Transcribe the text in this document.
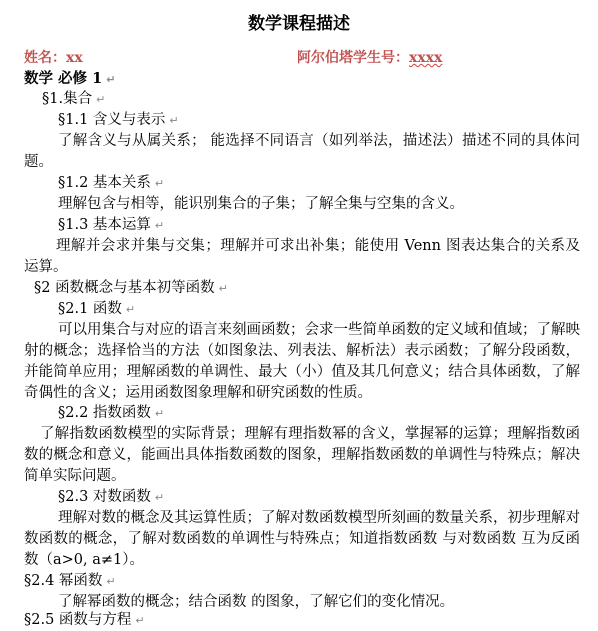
数学课程描述
姓名：xx	阿尔伯塔学生号：xxxx
数学 必修 1 ↵
§1.集合 ↵
§1.1 含义与表示 ↵
了解含义与从属关系； 能选择不同语言（如列举法，描述法）描述不同的具体问题。
§1.2 基本关系 ↵
理解包含与相等，能识别集合的子集；了解全集与空集的含义。
§1.3 基本运算 ↵
理解并会求并集与交集；理解并可求出补集；能使用 Venn 图表达集合的关系及运算。
§2 函数概念与基本初等函数 ↵
§2.1 函数 ↵
可以用集合与对应的语言来刻画函数；会求一些简单函数的定义域和值域；了解映射的概念；选择恰当的方法（如图象法、列表法、解析法）表示函数；了解分段函数，并能简单应用；理解函数的单调性、最大（小）值及其几何意义；结合具体函数，了解奇偶性的含义；运用函数图象理解和研究函数的性质。
§2.2 指数函数 ↵
了解指数函数模型的实际背景；理解有理指数幂的含义，掌握幂的运算；理解指数函数的概念和意义，能画出具体指数函数的图象，理解指数函数的单调性与特殊点；解决简单实际问题。
§2.3 对数函数 ↵
理解对数的概念及其运算性质；了解对数函数模型所刻画的数量关系，初步理解对数函数的概念，了解对数函数的单调性与特殊点；知道指数函数 与对数函数 互为反函数（a>0, a≠1）。
§2.4 幂函数 ↵
了解幂函数的概念；结合函数 的图象，了解它们的变化情况。
§2.5 函数与方程 ↵
